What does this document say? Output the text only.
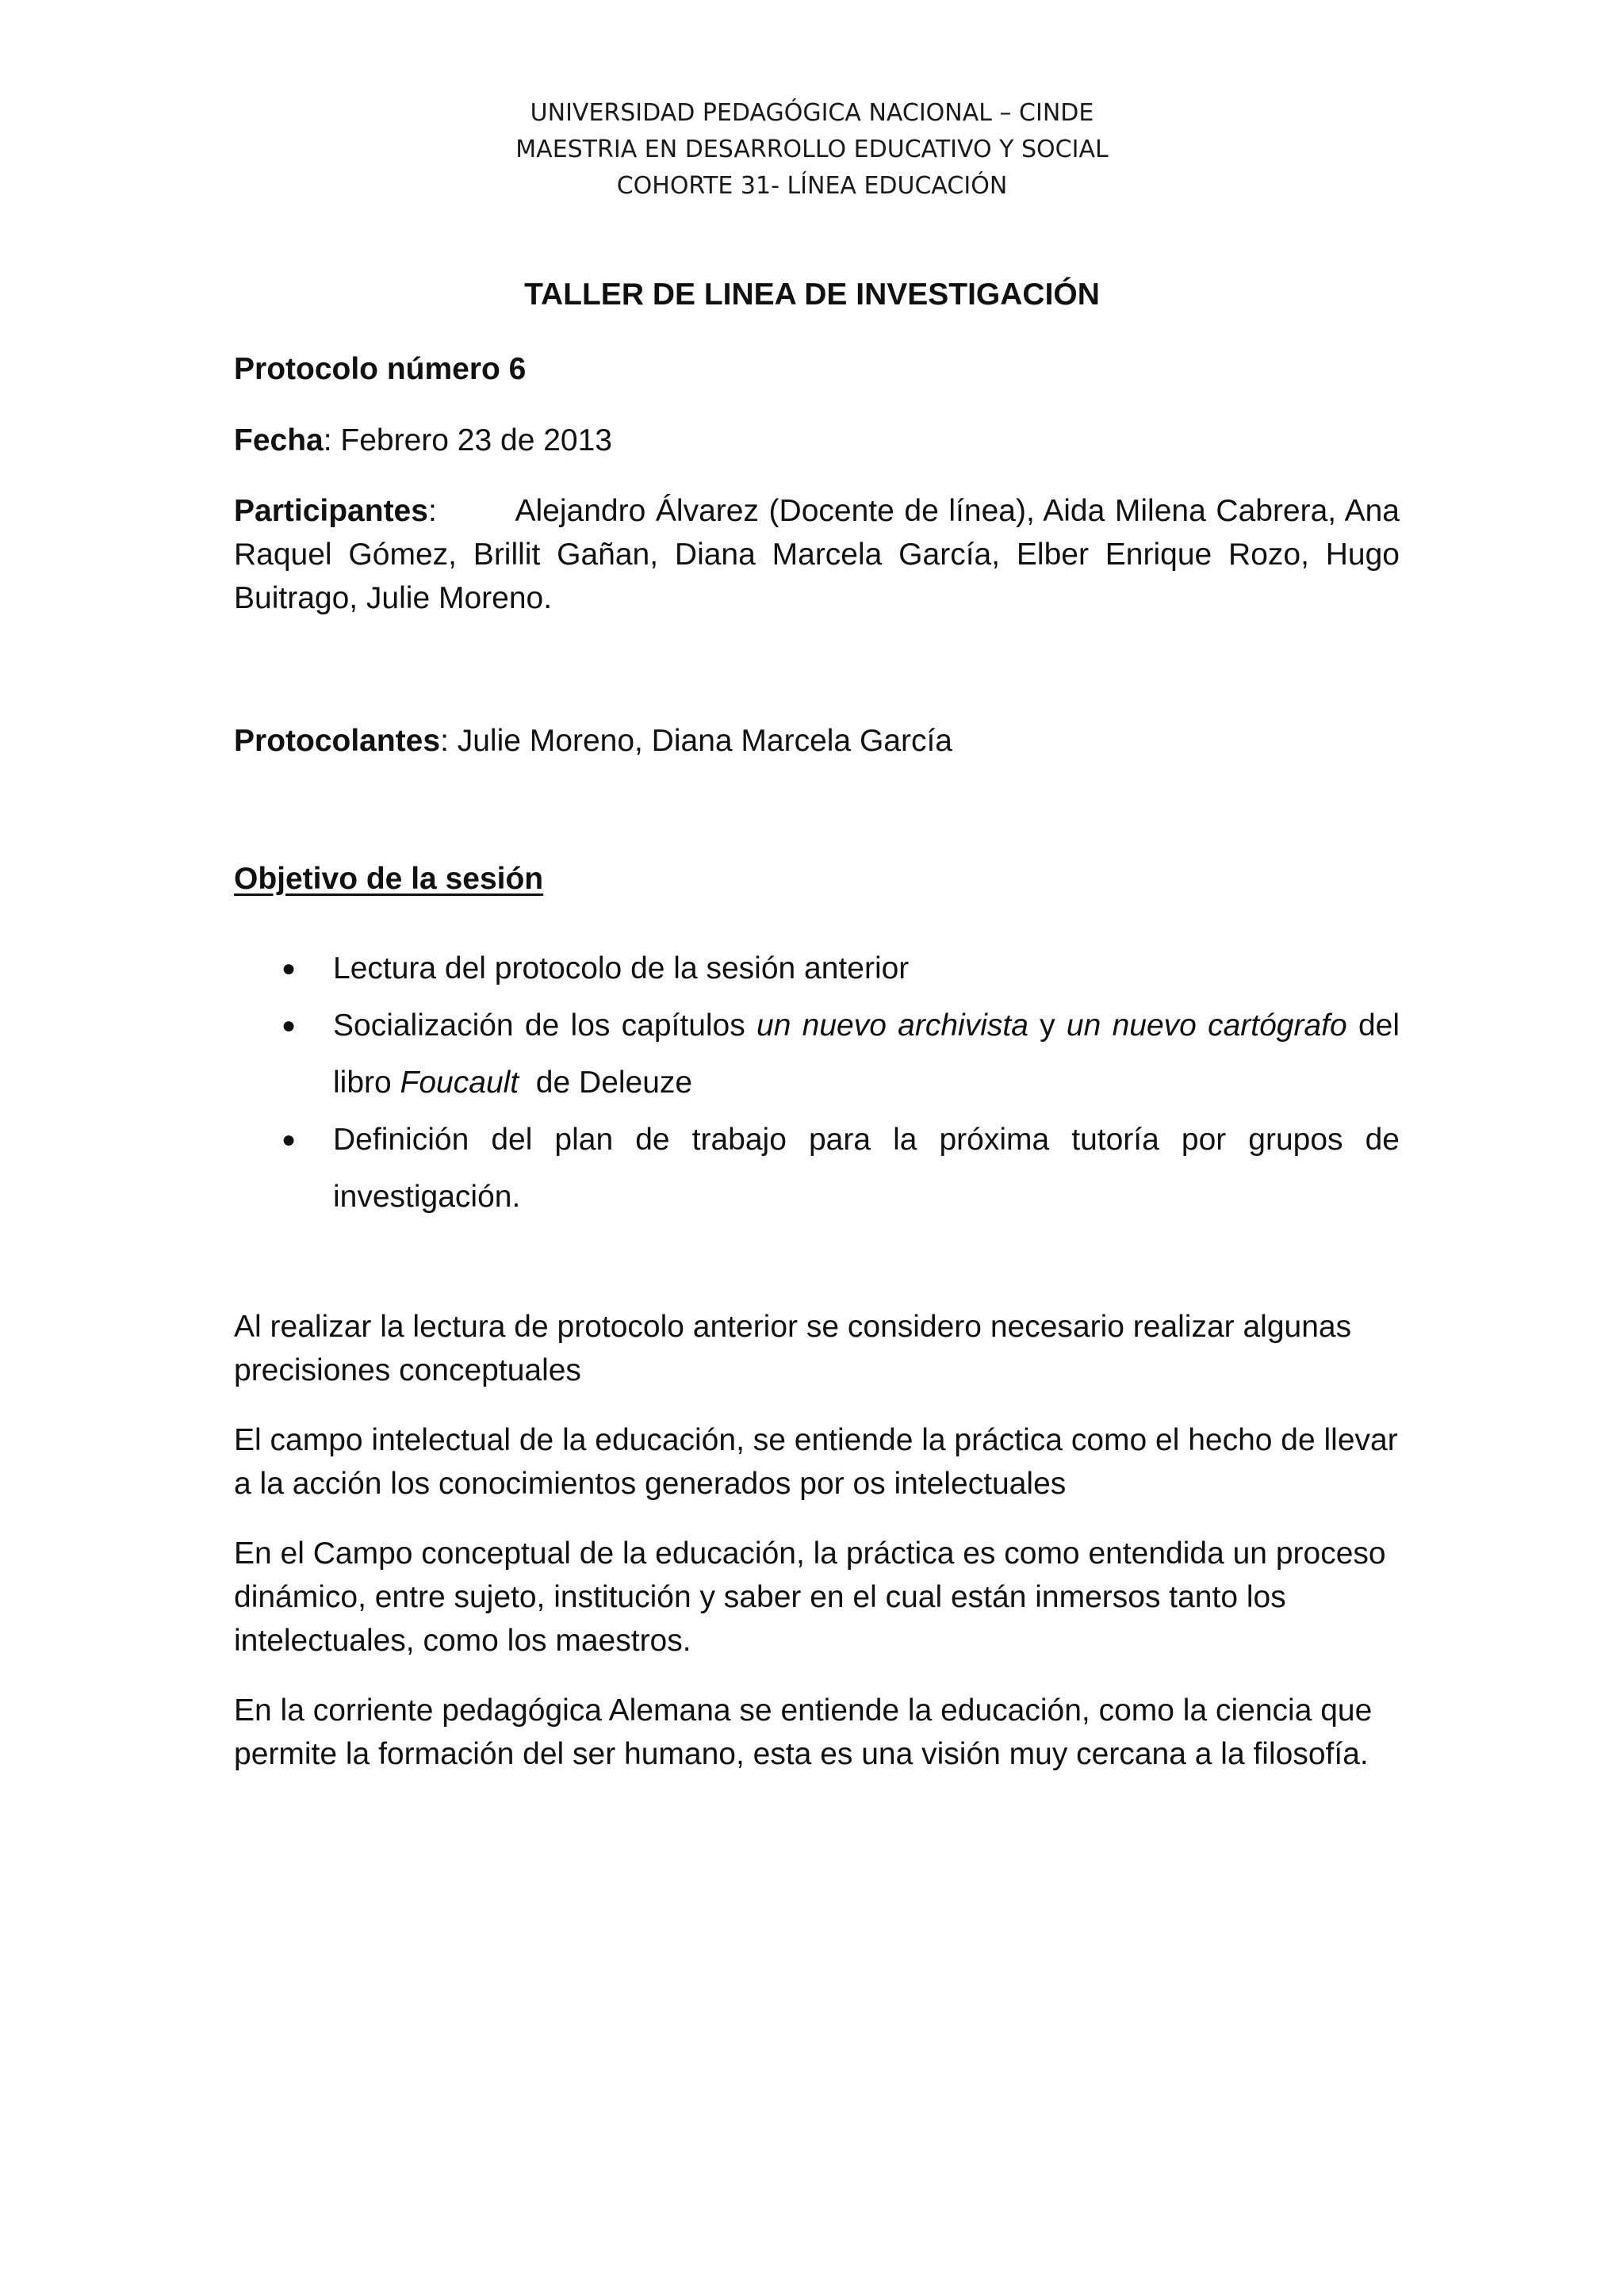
UNIVERSIDAD PEDAGÓGICA NACIONAL – CINDE
MAESTRIA EN DESARROLLO EDUCATIVO Y SOCIAL
COHORTE 31- LÍNEA EDUCACIÓN
TALLER DE LINEA DE INVESTIGACIÓN
Protocolo número 6
Fecha: Febrero 23 de 2013
Participantes:        Alejandro Álvarez (Docente de línea), Aida Milena Cabrera, Ana Raquel Gómez, Brillit Gañan, Diana Marcela García, Elber Enrique Rozo, Hugo Buitrago, Julie Moreno.
Protocolantes: Julie Moreno, Diana Marcela García
Objetivo de la sesión
● Lectura del protocolo de la sesión anterior
● Socialización de los capítulos un nuevo archivista y un nuevo cartógrafo del libro Foucault  de Deleuze
● Definición del plan de trabajo para la próxima tutoría por grupos de investigación.

Al realizar la lectura de protocolo anterior se considero necesario realizar algunas precisiones conceptuales

El campo intelectual de la educación, se entiende la práctica como el hecho de llevar a la acción los conocimientos generados por os intelectuales

En el Campo conceptual de la educación, la práctica es como entendida un proceso dinámico, entre sujeto, institución y saber en el cual están inmersos tanto los intelectuales, como los maestros.

En la corriente pedagógica Alemana se entiende la educación, como la ciencia que permite la formación del ser humano, esta es una visión muy cercana a la filosofía.
